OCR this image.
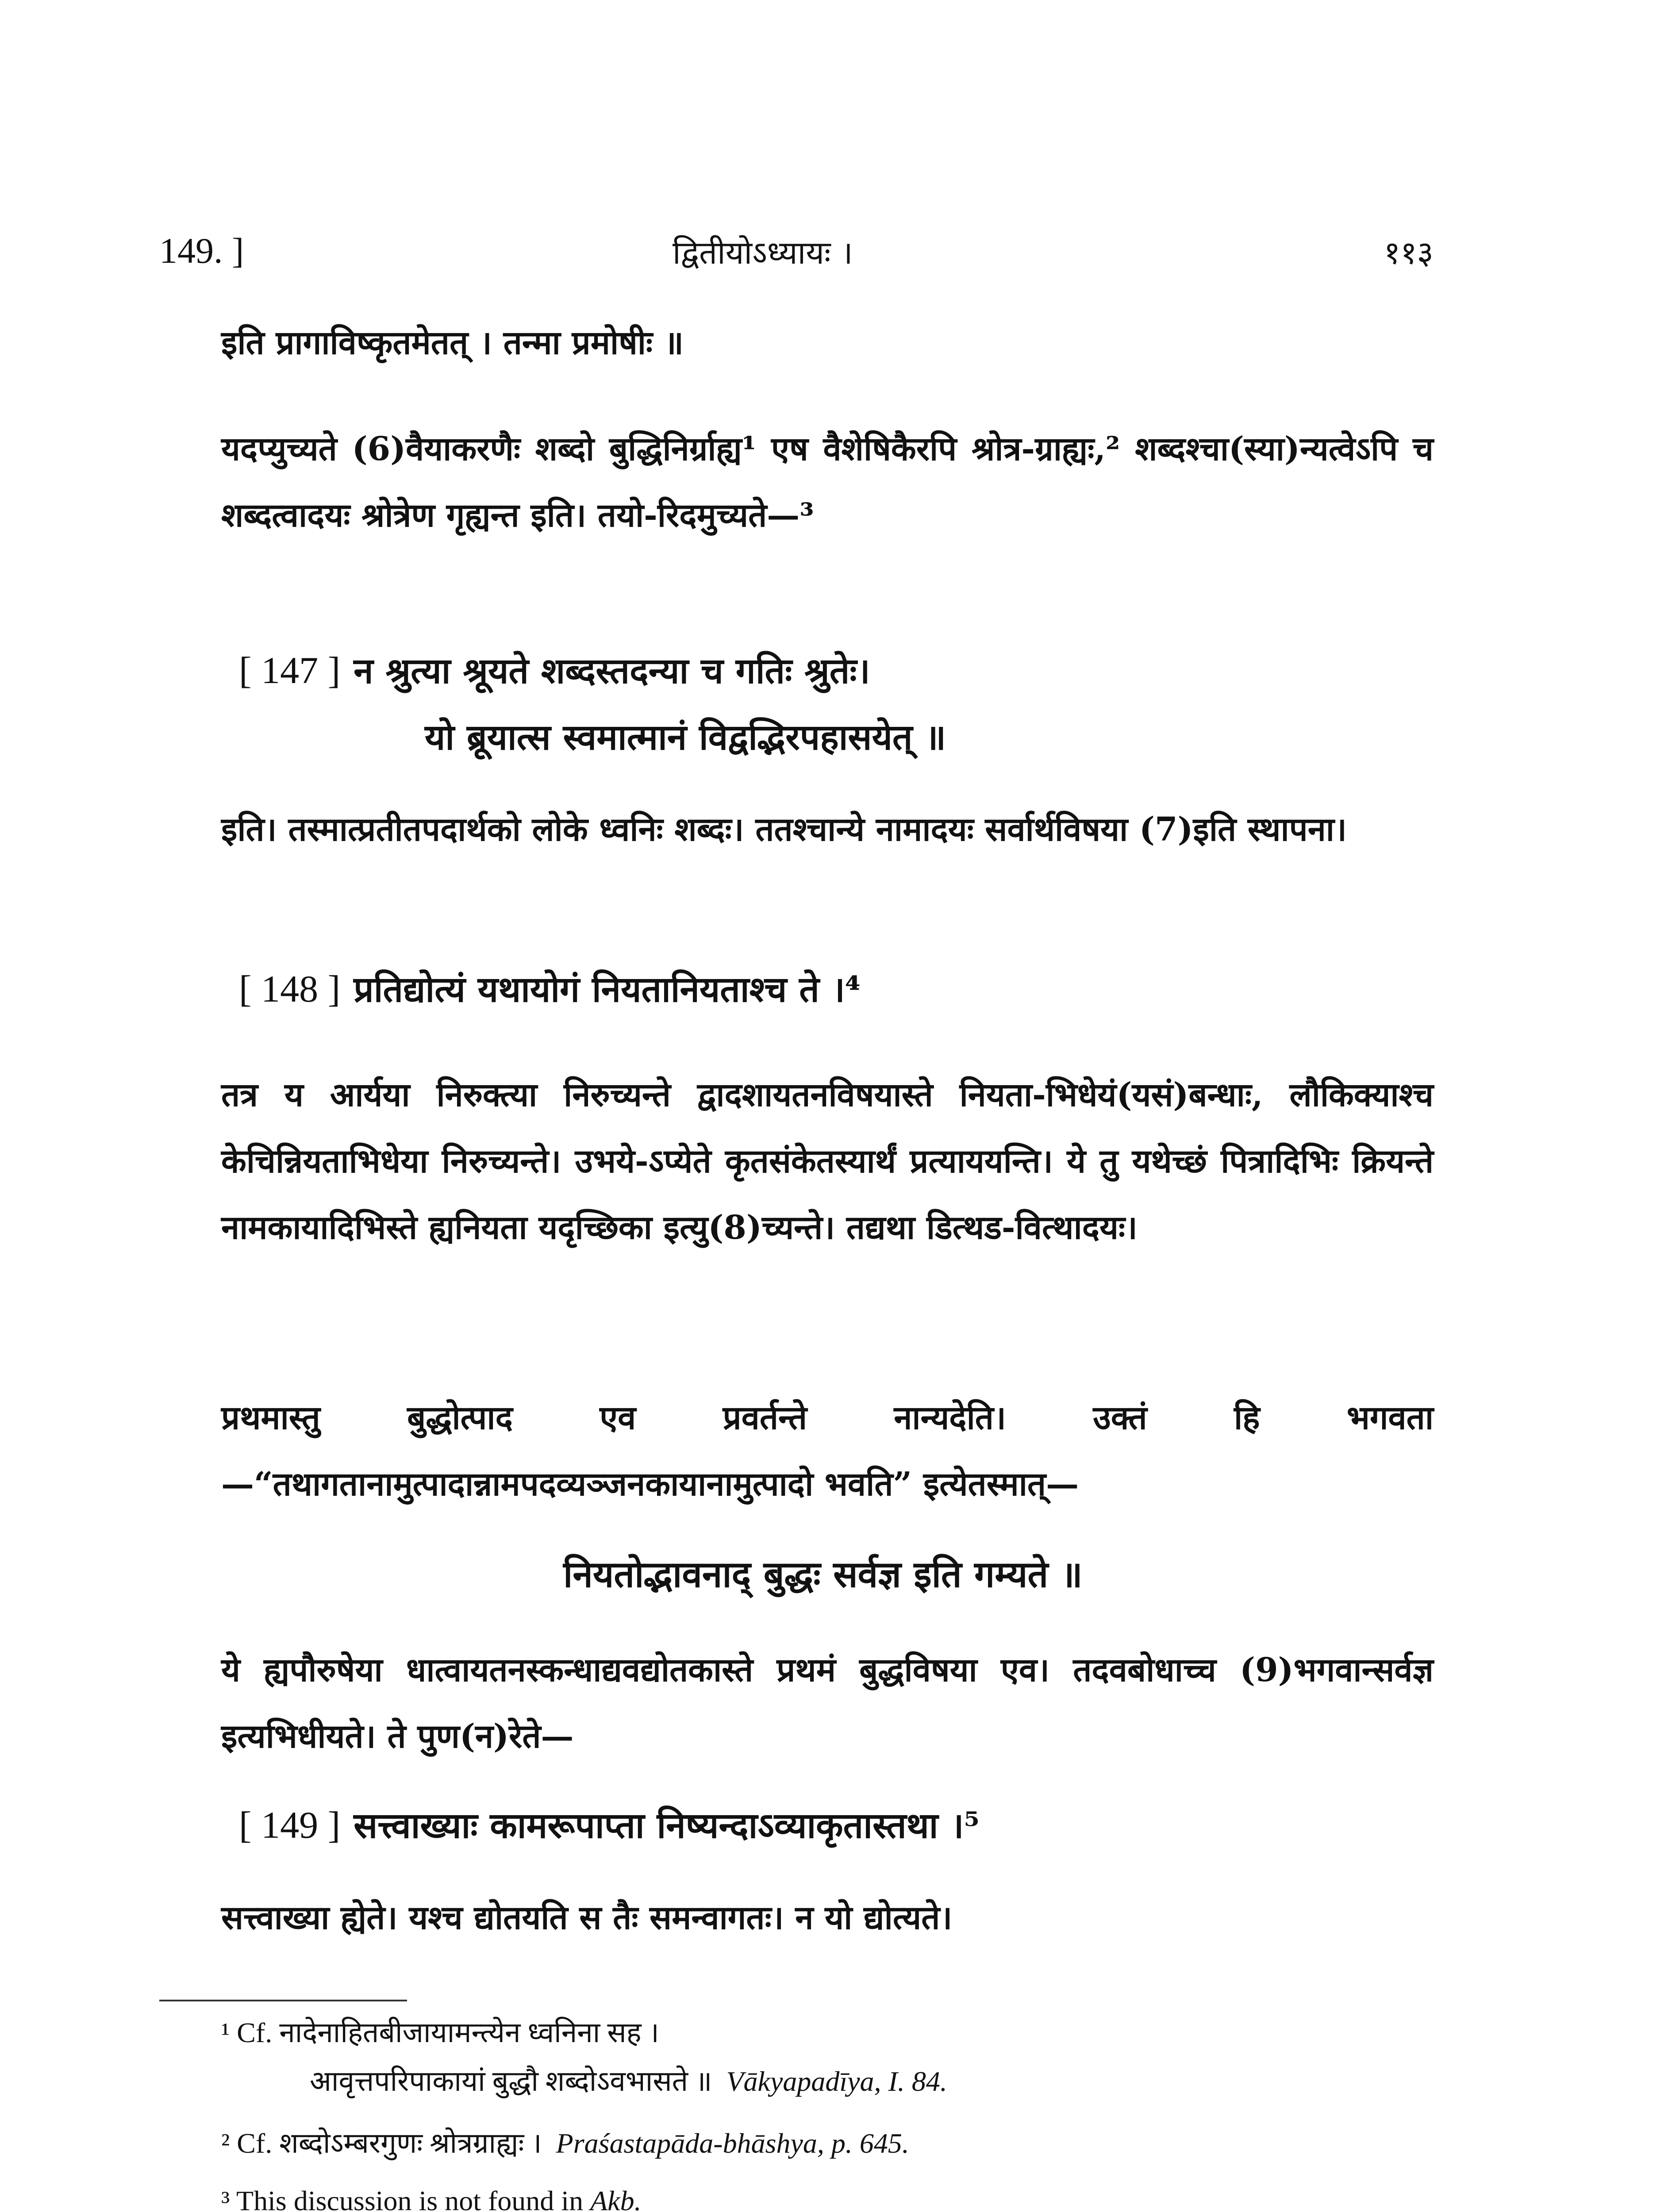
149. ]	द्वितीयोऽध्यायः ।	११३
इति प्रागाविष्कृतमेतत् । तन्मा प्रमोषीः ॥
यदप्युच्यते (6)वैयाकरणैः शब्दो बुद्धिनिर्ग्राह्य¹ एष वैशेषिकैरपि श्रोत्र-ग्राह्यः,² शब्दश्चा(स्या)न्यत्वेऽपि च शब्दत्वादयः श्रोत्रेण गृह्यन्त इति। तयो-रिदमुच्यते—³
[ 147 ] न श्रुत्या श्रूयते शब्दस्तदन्या च गतिः श्रुतेः।
यो ब्रूयात्स स्वमात्मानं विद्वद्भिरपहासयेत् ॥
इति। तस्मात्प्रतीतपदार्थको लोके ध्वनिः शब्दः। ततश्चान्ये नामादयः सर्वार्थविषया (7)इति स्थापना।
[ 148 ] प्रतिद्योत्यं यथायोगं नियतानियताश्च ते ।⁴
तत्र य आर्यया निरुक्त्या निरुच्यन्ते द्वादशायतनविषयास्ते नियता-भिधेयं(यसं)बन्धाः, लौकिक्याश्च केचिन्नियताभिधेया निरुच्यन्ते। उभये-ऽप्येते कृतसंकेतस्यार्थं प्रत्याययन्ति। ये तु यथेच्छं पित्रादिभिः क्रियन्ते नामकायादिभिस्ते ह्यनियता यदृच्छिका इत्यु(8)च्यन्ते। तद्यथा डित्थड-वित्थादयः।
प्रथमास्तु बुद्धोत्पाद एव प्रवर्तन्ते नान्यदेति। उक्तं हि भगवता—“तथागतानामुत्पादान्नामपदव्यञ्जनकायानामुत्पादो भवति” इत्येतस्मात्—
नियतोद्भावनाद् बुद्धः सर्वज्ञ इति गम्यते ॥
ये ह्यपौरुषेया धात्वायतनस्कन्धाद्यवद्योतकास्ते प्रथमं बुद्धविषया एव। तदवबोधाच्च (9)भगवान्सर्वज्ञ इत्यभिधीयते। ते पुण(न)रेते—
[ 149 ] सत्त्वाख्याः कामरूपाप्ता निष्यन्दाऽव्याकृतास्तथा ।⁵
सत्त्वाख्या ह्येते। यश्च द्योतयति स तैः समन्वागतः। न यो द्योत्यते।
¹ Cf. नादेनाहितबीजायामन्त्येन ध्वनिना सह ।
आवृत्तपरिपाकायां बुद्धौ शब्दोऽवभासते ॥ Vākyapadīya, I. 84.
² Cf. शब्दोऽम्बरगुणः श्रोत्रग्राह्यः । Praśastapāda-bhāshya, p. 645.
³ This discussion is not found in Akb.
